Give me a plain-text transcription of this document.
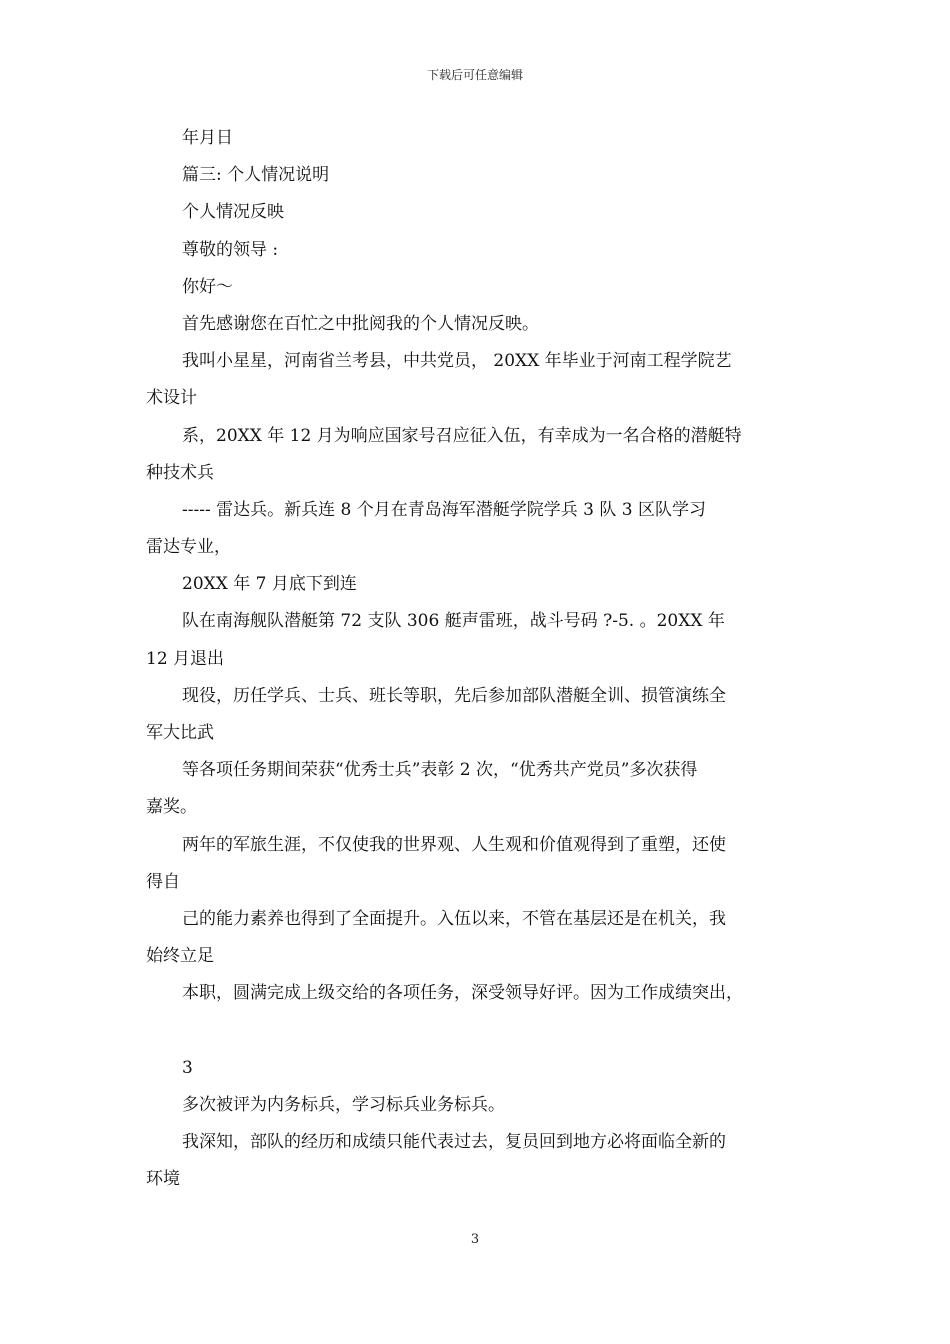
下载后可任意编辑
年月日
篇三: 个人情况说明
个人情况反映
尊敬的领导 :
你好～
首先感谢您在百忙之中批阅我的个人情况反映。
我叫小星星，河南省兰考县，中共党员， 20XX 年毕业于河南工程学院艺
术设计
系，20XX 年 12 月为响应国家号召应征入伍，有幸成为一名合格的潜艇特
种技术兵
----- 雷达兵。新兵连 8 个月在青岛海军潜艇学院学兵 3 队 3 区队学习
雷达专业，
20XX 年 7 月底下到连
队在南海舰队潜艇第 72 支队 306 艇声雷班，战斗号码 ?-5. 。20XX 年
12 月退出
现役，历任学兵、士兵、班长等职，先后参加部队潜艇全训、损管演练全
军大比武
等各项任务期间荣获“优秀士兵”表彰 2 次，“优秀共产党员”多次获得
嘉奖。
两年的军旅生涯，不仅使我的世界观、人生观和价值观得到了重塑，还使
得自
己的能力素养也得到了全面提升。入伍以来，不管在基层还是在机关，我
始终立足
本职，圆满完成上级交给的各项任务，深受领导好评。因为工作成绩突出，
3
多次被评为内务标兵，学习标兵业务标兵。
我深知，部队的经历和成绩只能代表过去，复员回到地方必将面临全新的
环境
3
